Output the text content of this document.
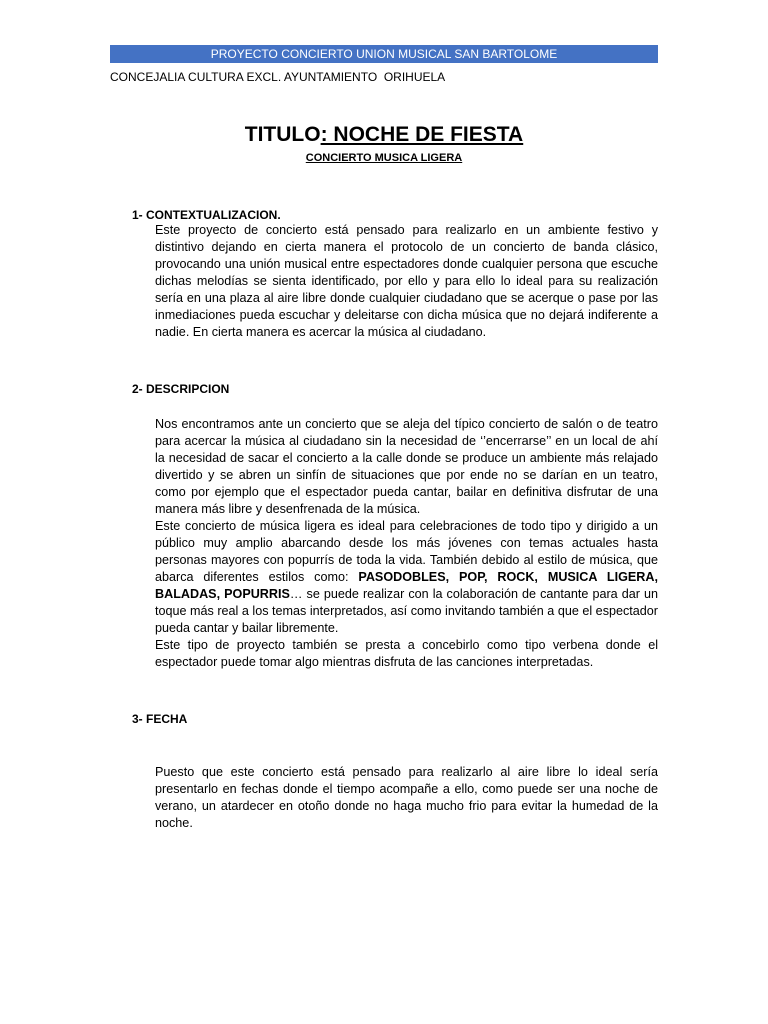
PROYECTO CONCIERTO UNION MUSICAL SAN BARTOLOME
CONCEJALIA CULTURA EXCL. AYUNTAMIENTO  ORIHUELA
TITULO: NOCHE DE FIESTA
CONCIERTO MUSICA LIGERA
1- CONTEXTUALIZACION.
Este proyecto de concierto está pensado para realizarlo en un ambiente festivo y distintivo dejando en cierta manera el protocolo de un concierto de banda clásico, provocando una unión musical entre espectadores donde cualquier persona que escuche dichas melodías se sienta identificado, por ello y para ello lo ideal para su realización sería en una plaza al aire libre donde cualquier ciudadano que se acerque o pase por las inmediaciones pueda escuchar y deleitarse con dicha música que no dejará indiferente a nadie. En cierta manera es acercar la música al ciudadano.
2- DESCRIPCION
Nos encontramos ante un concierto que se aleja del típico concierto de salón o de teatro para acercar la música al ciudadano sin la necesidad de ‘’encerrarse’’ en un local de ahí la necesidad de sacar el concierto a la calle donde se produce un ambiente más relajado divertido y se abren un sinfín de situaciones que por ende no se darían en un teatro, como por ejemplo que el espectador pueda cantar, bailar en definitiva disfrutar de una manera más libre y desenfrenada de la música.
Este concierto de música ligera es ideal para celebraciones de todo tipo y dirigido a un público muy amplio abarcando desde los más jóvenes con temas actuales hasta personas mayores con popurrís de toda la vida. También debido al estilo de música, que abarca diferentes estilos como: PASODOBLES, POP, ROCK, MUSICA LIGERA, BALADAS, POPURRIS… se puede realizar con la colaboración de cantante para dar un toque más real a los temas interpretados, así como invitando también a que el espectador pueda cantar y bailar libremente.
Este tipo de proyecto también se presta a concebirlo como tipo verbena donde el espectador puede tomar algo mientras disfruta de las canciones interpretadas.
3- FECHA
Puesto que este concierto está pensado para realizarlo al aire libre lo ideal sería presentarlo en fechas donde el tiempo acompañe a ello, como puede ser una noche de verano, un atardecer en otoño donde no haga mucho frio para evitar la humedad de la noche.
